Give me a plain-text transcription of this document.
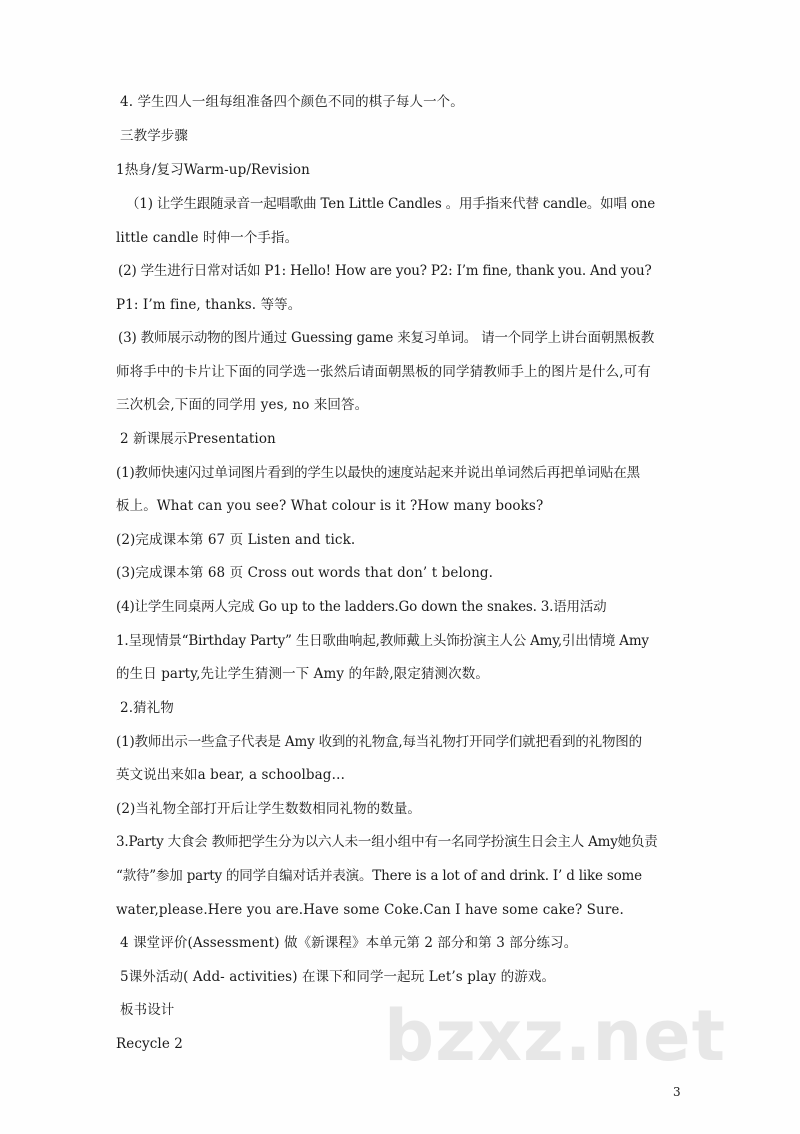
4. 学生四人一组每组准备四个颜色不同的棋子每人一个。
三教学步骤
1热身/复习Warm-up/Revision
（1) 让学生跟随录音一起唱歌曲 Ten Little Candles 。用手指来代替 candle。如唱 one
little candle 时伸一个手指。
(2) 学生进行日常对话如 P1: Hello! How are you? P2: I’m fine, thank you. And you?
P1: I’m fine, thanks. 等等。
(3) 教师展示动物的图片通过 Guessing game 来复习单词。 请一个同学上讲台面朝黑板教
师将手中的卡片让下面的同学选一张然后请面朝黑板的同学猜教师手上的图片是什么,可有
三次机会,下面的同学用 yes, no 来回答。
2 新课展示Presentation
(1)教师快速闪过单词图片看到的学生以最快的速度站起来并说出单词然后再把单词贴在黑
板上。What can you see? What colour is it ?How many books?
(2)完成课本第 67 页 Listen and tick.
(3)完成课本第 68 页 Cross out words that don’ t belong.
(4)让学生同桌两人完成 Go up to the ladders.Go down the snakes. 3.语用活动
1.呈现情景“Birthday Party” 生日歌曲响起,教师戴上头饰扮演主人公 Amy,引出情境 Amy
的生日 party,先让学生猜测一下 Amy 的年龄,限定猜测次数。
2.猜礼物
(1)教师出示一些盒子代表是 Amy 收到的礼物盒,每当礼物打开同学们就把看到的礼物图的
英文说出来如a bear, a schoolbag…
(2)当礼物全部打开后让学生数数相同礼物的数量。
3.Party 大食会 教师把学生分为以六人未一组小组中有一名同学扮演生日会主人 Amy她负责
“款待”参加 party 的同学自编对话并表演。There is a lot of and drink. I’ d like some
water,please.Here you are.Have some Coke.Can I have some cake? Sure.
4 课堂评价(Assessment) 做《新课程》本单元第 2 部分和第 3 部分练习。
5课外活动( Add- activities) 在课下和同学一起玩 Let’s play 的游戏。
板书设计
Recycle 2	bzxz.net
3
